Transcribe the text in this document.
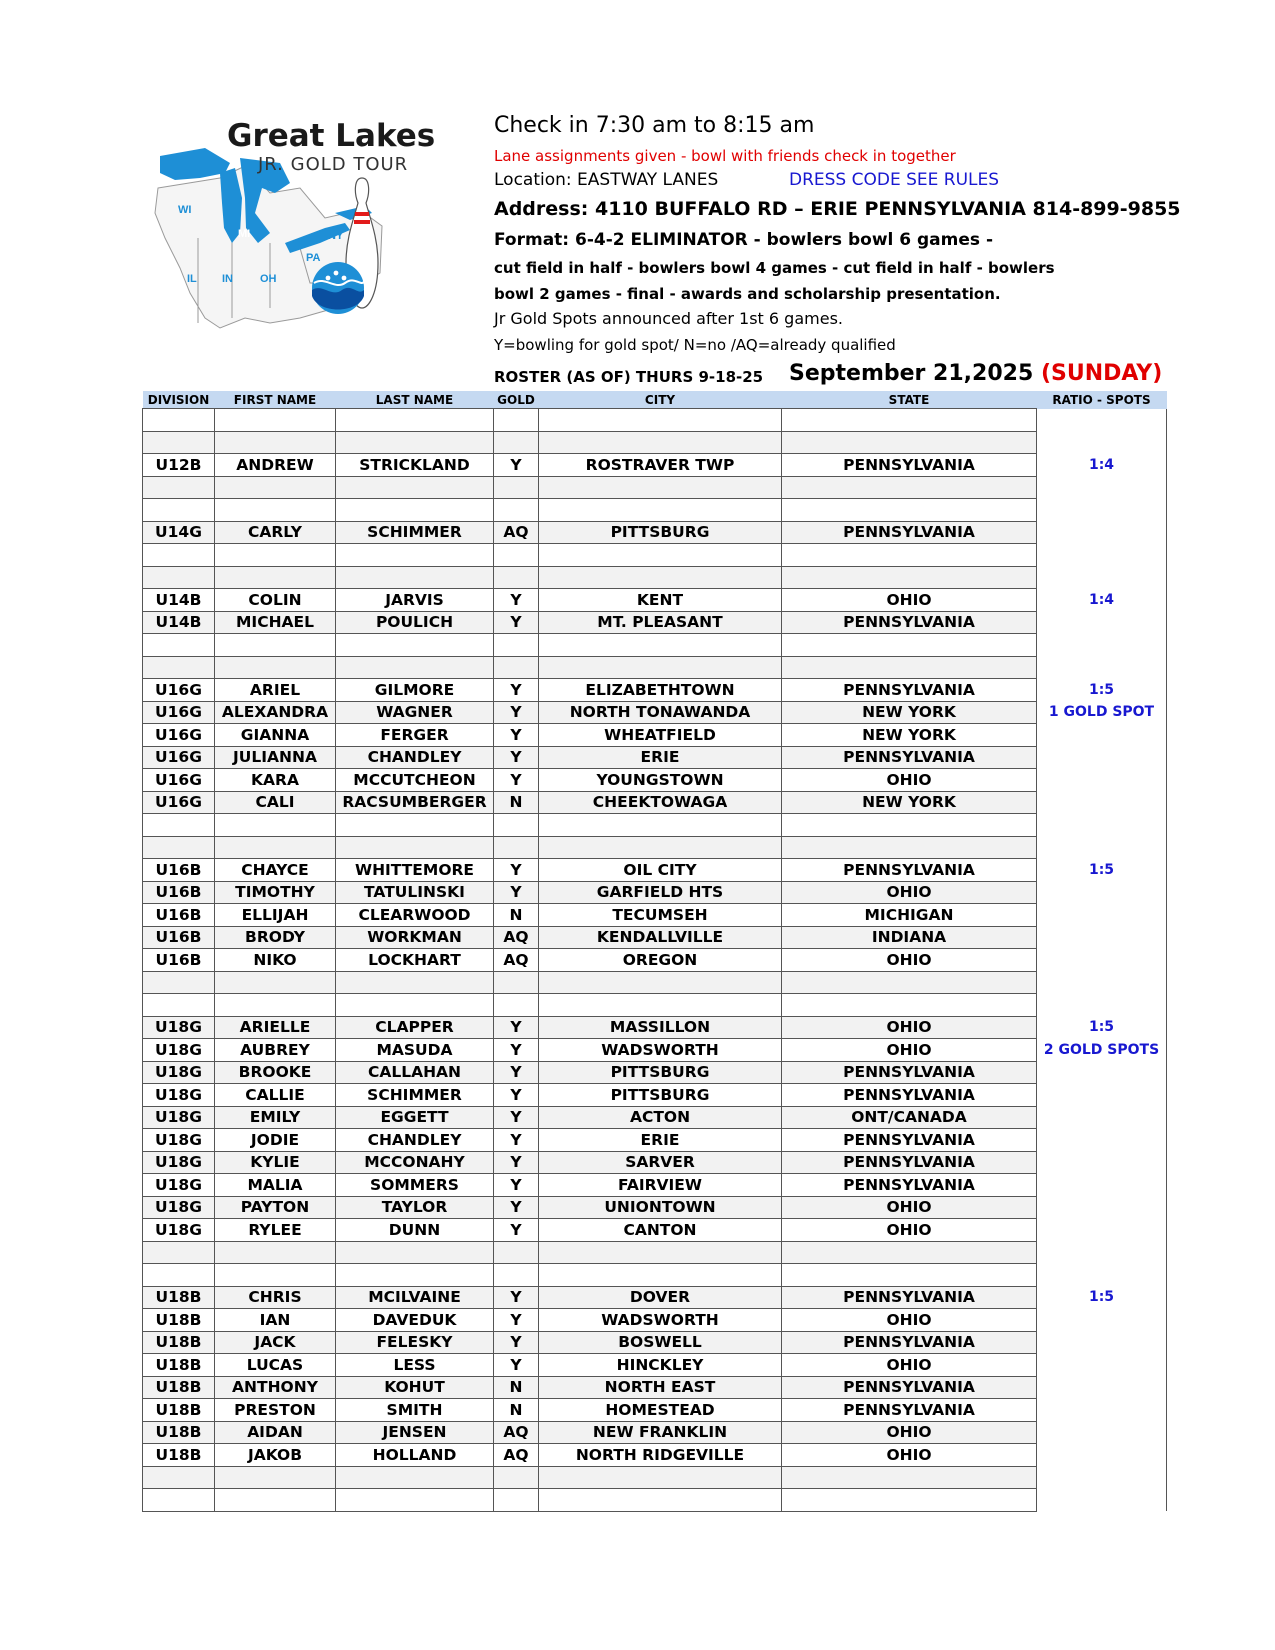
Great Lakes
JR. GOLD TOUR
WI
MI	NY
PA
IL IN OH
Check in 7:30 am to 8:15 am
Lane assignments given - bowl with friends check in together
Location: EASTWAY LANES	DRESS CODE SEE RULES
Address: 4110 BUFFALO RD – ERIE PENNSYLVANIA 814-899-9855
Format: 6-4-2 ELIMINATOR - bowlers bowl 6 games -
cut field in half - bowlers bowl 4 games - cut field in half - bowlers
bowl 2 games - final - awards and scholarship presentation.
Jr Gold Spots announced after 1st 6 games.
Y=bowling for gold spot/ N=no /AQ=already qualified
ROSTER (AS OF) THURS 9-18-25 September 21,2025 (SUNDAY)
DIVISION	FIRST NAME	LAST NAME	GOLD	CITY	STATE	RATIO - SPOTS

U12B	ANDREW	STRICKLAND	Y	ROSTRAVER TWP	PENNSYLVANIA	1:4

U14G	CARLY	SCHIMMER	AQ	PITTSBURG	PENNSYLVANIA	

U14B	COLIN	JARVIS	Y	KENT	OHIO	1:4
U14B	MICHAEL	POULICH	Y	MT. PLEASANT	PENNSYLVANIA	

U16G	ARIEL	GILMORE	Y	ELIZABETHTOWN	PENNSYLVANIA	1:5
U16G	ALEXANDRA	WAGNER	Y	NORTH TONAWANDA	NEW YORK	1 GOLD SPOT
U16G	GIANNA	FERGER	Y	WHEATFIELD	NEW YORK	
U16G	JULIANNA	CHANDLEY	Y	ERIE	PENNSYLVANIA	
U16G	KARA	MCCUTCHEON	Y	YOUNGSTOWN	OHIO	
U16G	CALI	RACSUMBERGER	N	CHEEKTOWAGA	NEW YORK	

U16B	CHAYCE	WHITTEMORE	Y	OIL CITY	PENNSYLVANIA	1:5
U16B	TIMOTHY	TATULINSKI	Y	GARFIELD HTS	OHIO	
U16B	ELLIJAH	CLEARWOOD	N	TECUMSEH	MICHIGAN	
U16B	BRODY	WORKMAN	AQ	KENDALLVILLE	INDIANA	
U16B	NIKO	LOCKHART	AQ	OREGON	OHIO	

U18G	ARIELLE	CLAPPER	Y	MASSILLON	OHIO	1:5
U18G	AUBREY	MASUDA	Y	WADSWORTH	OHIO	2 GOLD SPOTS
U18G	BROOKE	CALLAHAN	Y	PITTSBURG	PENNSYLVANIA	
U18G	CALLIE	SCHIMMER	Y	PITTSBURG	PENNSYLVANIA	
U18G	EMILY	EGGETT	Y	ACTON	ONT/CANADA	
U18G	JODIE	CHANDLEY	Y	ERIE	PENNSYLVANIA	
U18G	KYLIE	MCCONAHY	Y	SARVER	PENNSYLVANIA	
U18G	MALIA	SOMMERS	Y	FAIRVIEW	PENNSYLVANIA	
U18G	PAYTON	TAYLOR	Y	UNIONTOWN	OHIO	
U18G	RYLEE	DUNN	Y	CANTON	OHIO	

U18B	CHRIS	MCILVAINE	Y	DOVER	PENNSYLVANIA	1:5
U18B	IAN	DAVEDUK	Y	WADSWORTH	OHIO	
U18B	JACK	FELESKY	Y	BOSWELL	PENNSYLVANIA	
U18B	LUCAS	LESS	Y	HINCKLEY	OHIO	
U18B	ANTHONY	KOHUT	N	NORTH EAST	PENNSYLVANIA	
U18B	PRESTON	SMITH	N	HOMESTEAD	PENNSYLVANIA	
U18B	AIDAN	JENSEN	AQ	NEW FRANKLIN	OHIO	
U18B	JAKOB	HOLLAND	AQ	NORTH RIDGEVILLE	OHIO	
